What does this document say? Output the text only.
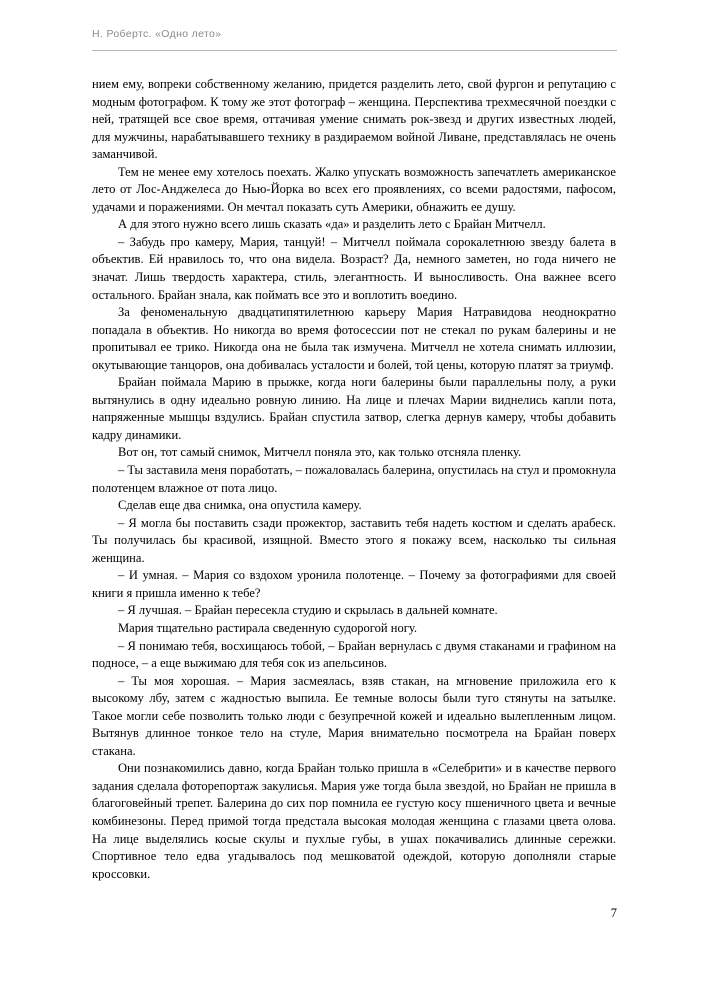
Н. Робертс. «Одно лето»

нием ему, вопреки собственному желанию, придется разделить лето, свой фургон и репутацию с модным фотографом. К тому же этот фотограф – женщина. Перспектива трехмесячной поездки с ней, тратящей все свое время, оттачивая умение снимать рок-звезд и других известных людей, для мужчины, нарабатывавшего технику в раздираемом войной Ливане, представлялась не очень заманчивой.

Тем не менее ему хотелось поехать. Жалко упускать возможность запечатлеть американское лето от Лос-Анджелеса до Нью-Йорка во всех его проявлениях, со всеми радостями, пафосом, удачами и поражениями. Он мечтал показать суть Америки, обнажить ее душу.

А для этого нужно всего лишь сказать «да» и разделить лето с Брайан Митчелл.

– Забудь про камеру, Мария, танцуй! – Митчелл поймала сорокалетнюю звезду балета в объектив. Ей нравилось то, что она видела. Возраст? Да, немного заметен, но года ничего не значат. Лишь твердость характера, стиль, элегантность. И выносливость. Она важнее всего остального. Брайан знала, как поймать все это и воплотить воедино.

За феноменальную двадцатипятилетнюю карьеру Мария Натравидова неоднократно попадала в объектив. Но никогда во время фотосессии пот не стекал по рукам балерины и не пропитывал ее трико. Никогда она не была так измучена. Митчелл не хотела снимать иллюзии, окутывающие танцоров, она добивалась усталости и болей, той цены, которую платят за триумф.

Брайан поймала Марию в прыжке, когда ноги балерины были параллельны полу, а руки вытянулись в одну идеально ровную линию. На лице и плечах Марии виднелись капли пота, напряженные мышцы вздулись. Брайан спустила затвор, слегка дернув камеру, чтобы добавить кадру динамики.

Вот он, тот самый снимок, Митчелл поняла это, как только отсняла пленку.

– Ты заставила меня поработать, – пожаловалась балерина, опустилась на стул и промокнула полотенцем влажное от пота лицо.

Сделав еще два снимка, она опустила камеру.

– Я могла бы поставить сзади прожектор, заставить тебя надеть костюм и сделать арабеск. Ты получилась бы красивой, изящной. Вместо этого я покажу всем, насколько ты сильная женщина.

– И умная. – Мария со вздохом уронила полотенце. – Почему за фотографиями для своей книги я пришла именно к тебе?

– Я лучшая. – Брайан пересекла студию и скрылась в дальней комнате.

Мария тщательно растирала сведенную судорогой ногу.

– Я понимаю тебя, восхищаюсь тобой, – Брайан вернулась с двумя стаканами и графином на подносе, – а еще выжимаю для тебя сок из апельсинов.

– Ты моя хорошая. – Мария засмеялась, взяв стакан, на мгновение приложила его к высокому лбу, затем с жадностью выпила. Ее темные волосы были туго стянуты на затылке. Такое могли себе позволить только люди с безупречной кожей и идеально вылепленным лицом. Вытянув длинное тонкое тело на стуле, Мария внимательно посмотрела на Брайан поверх стакана.

Они познакомились давно, когда Брайан только пришла в «Селебрити» и в качестве первого задания сделала фоторепортаж закулисья. Мария уже тогда была звездой, но Брайан не пришла в благоговейный трепет. Балерина до сих пор помнила ее густую косу пшеничного цвета и вечные комбинезоны. Перед примой тогда предстала высокая молодая женщина с глазами цвета олова. На лице выделялись косые скулы и пухлые губы, в ушах покачивались длинные сережки. Спортивное тело едва угадывалось под мешковатой одеждой, которую дополняли старые кроссовки.

7
